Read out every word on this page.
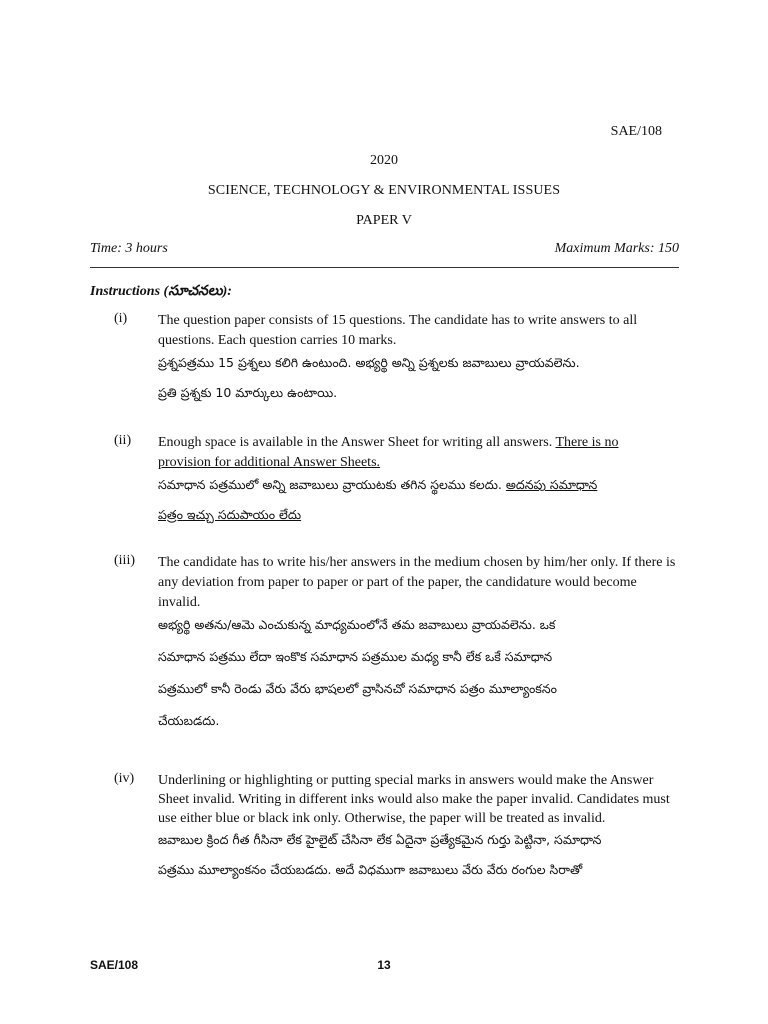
SAE/108
2020
SCIENCE, TECHNOLOGY & ENVIRONMENTAL ISSUES
PAPER V
Time: 3 hours	Maximum Marks: 150
Instructions (సూచనలు):
(i) The question paper consists of 15 questions. The candidate has to write answers to all questions. Each question carries 10 marks.

ప్రశ్నపత్రము 15 ప్రశ్నలు కలిగి ఉంటుంది. అభ్యర్థి అన్ని ప్రశ్నలకు జవాబులు వ్రాయవలెను.

ప్రతి ప్రశ్నకు 10 మార్కులు ఉంటాయి.

(ii) Enough space is available in the Answer Sheet for writing all answers. There is no
provision for additional Answer Sheets.

సమాధాన పత్రములో అన్ని జవాబులు వ్రాయుటకు తగిన స్థలము కలదు. అదనపు సమాధాన

పత్రం ఇచ్చు సదుపాయం లేదు

(iii) The candidate has to write his/her answers in the medium chosen by him/her only. If there is any deviation from paper to paper or part of the paper, the candidature would become invalid.

అభ్యర్థి అతను/ఆమె ఎంచుకున్న మాధ్యమంలోనే తమ జవాబులు వ్రాయవలెను. ఒక

సమాధాన పత్రము లేదా ఇంకొక సమాధాన పత్రముల మధ్య కానీ లేక ఒకే సమాధాన

పత్రములో కానీ రెండు వేరు వేరు భాషలలో వ్రాసినచో సమాధాన పత్రం మూల్యాంకనం

చేయబడదు.

(iv) Underlining or highlighting or putting special marks in answers would make the Answer Sheet invalid. Writing in different inks would also make the paper invalid. Candidates must use either blue or black ink only. Otherwise, the paper will be treated as invalid.

జవాబుల క్రింద గీత గీసినా లేక హైలైట్ చేసినా లేక ఏదైనా ప్రత్యేకమైన గుర్తు పెట్టినా, సమాధాన

పత్రము మూల్యాంకనం చేయబడదు. అదే విధముగా జవాబులు వేరు వేరు రంగుల సిరాతో

SAE/108	13
